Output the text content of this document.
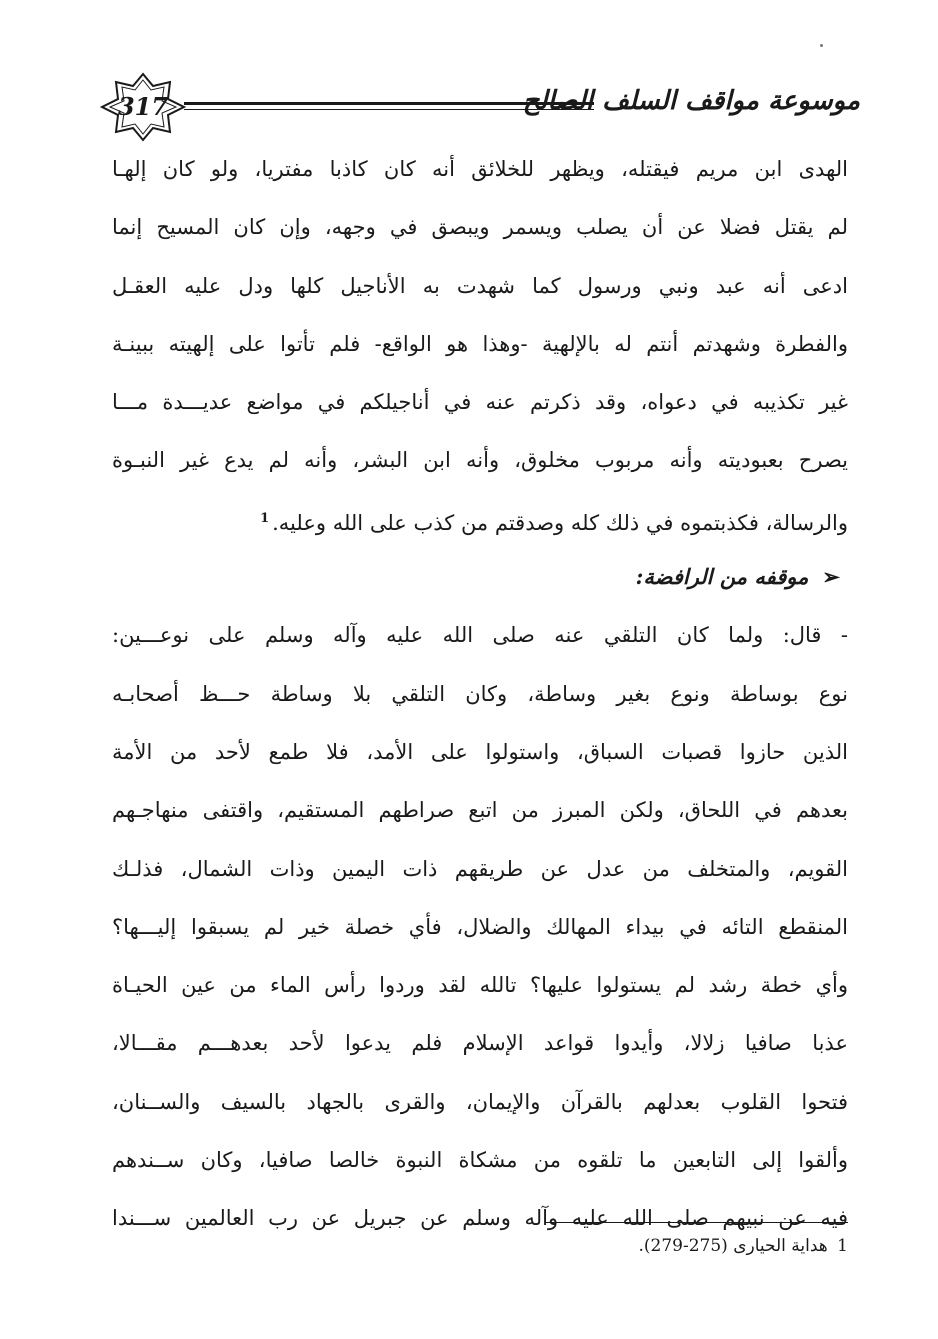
317	موسوعة مواقف السلف الصالح
الهدى ابن مريم فيقتله، ويظهر للخلائق أنه كان كاذبا مفتريا، ولو كان إلهـا
لم يقتل فضلا عن أن يصلب ويسمر ويبصق في وجهه، وإن كان المسيح إنما
ادعى أنه عبد ونبي ورسول كما شهدت به الأناجيل كلها ودل عليه العقـل
والفطرة وشهدتم أنتم له بالإلهية -وهذا هو الواقع- فلم تأتوا على إلهيته ببينـة
غير تكذيبه في دعواه، وقد ذكرتم عنه في أناجيلكم في مواضع عديـــدة مـــا
يصرح بعبوديته وأنه مربوب مخلوق، وأنه ابن البشر، وأنه لم يدع غير النبـوة
والرسالة، فكذبتموه في ذلك كله وصدقتم من كذب على الله وعليه.$^1$
➢موقفه من الرافضة:
- قال: ولما كان التلقي عنه صلى الله عليه وآله وسلم على نوعـــين:
نوع بوساطة ونوع بغير وساطة، وكان التلقي بلا وساطة حـــظ أصحابـه
الذين حازوا قصبات السباق، واستولوا على الأمد، فلا طمع لأحد من الأمة
بعدهم في اللحاق، ولكن المبرز من اتبع صراطهم المستقيم، واقتفى منهاجـهم
القويم، والمتخلف من عدل عن طريقهم ذات اليمين وذات الشمال، فذلـك
المنقطع التائه في بيداء المهالك والضلال، فأي خصلة خير لم يسبقوا إليـــها؟
وأي خطة رشد لم يستولوا عليها؟ تالله لقد وردوا رأس الماء من عين الحيـاة
عذبا صافيا زلالا، وأيدوا قواعد الإسلام فلم يدعوا لأحد بعدهـــم مقـــالا،
فتحوا القلوب بعدلهم بالقرآن والإيمان، والقرى بالجهاد بالسيف والســنان،
وألقوا إلى التابعين ما تلقوه من مشكاة النبوة خالصا صافيا، وكان ســندهم
فيه عن نبيهم صلى الله عليه وآله وسلم عن جبريل عن رب العالمين ســـندا
1 هداية الحيارى (275-279).
